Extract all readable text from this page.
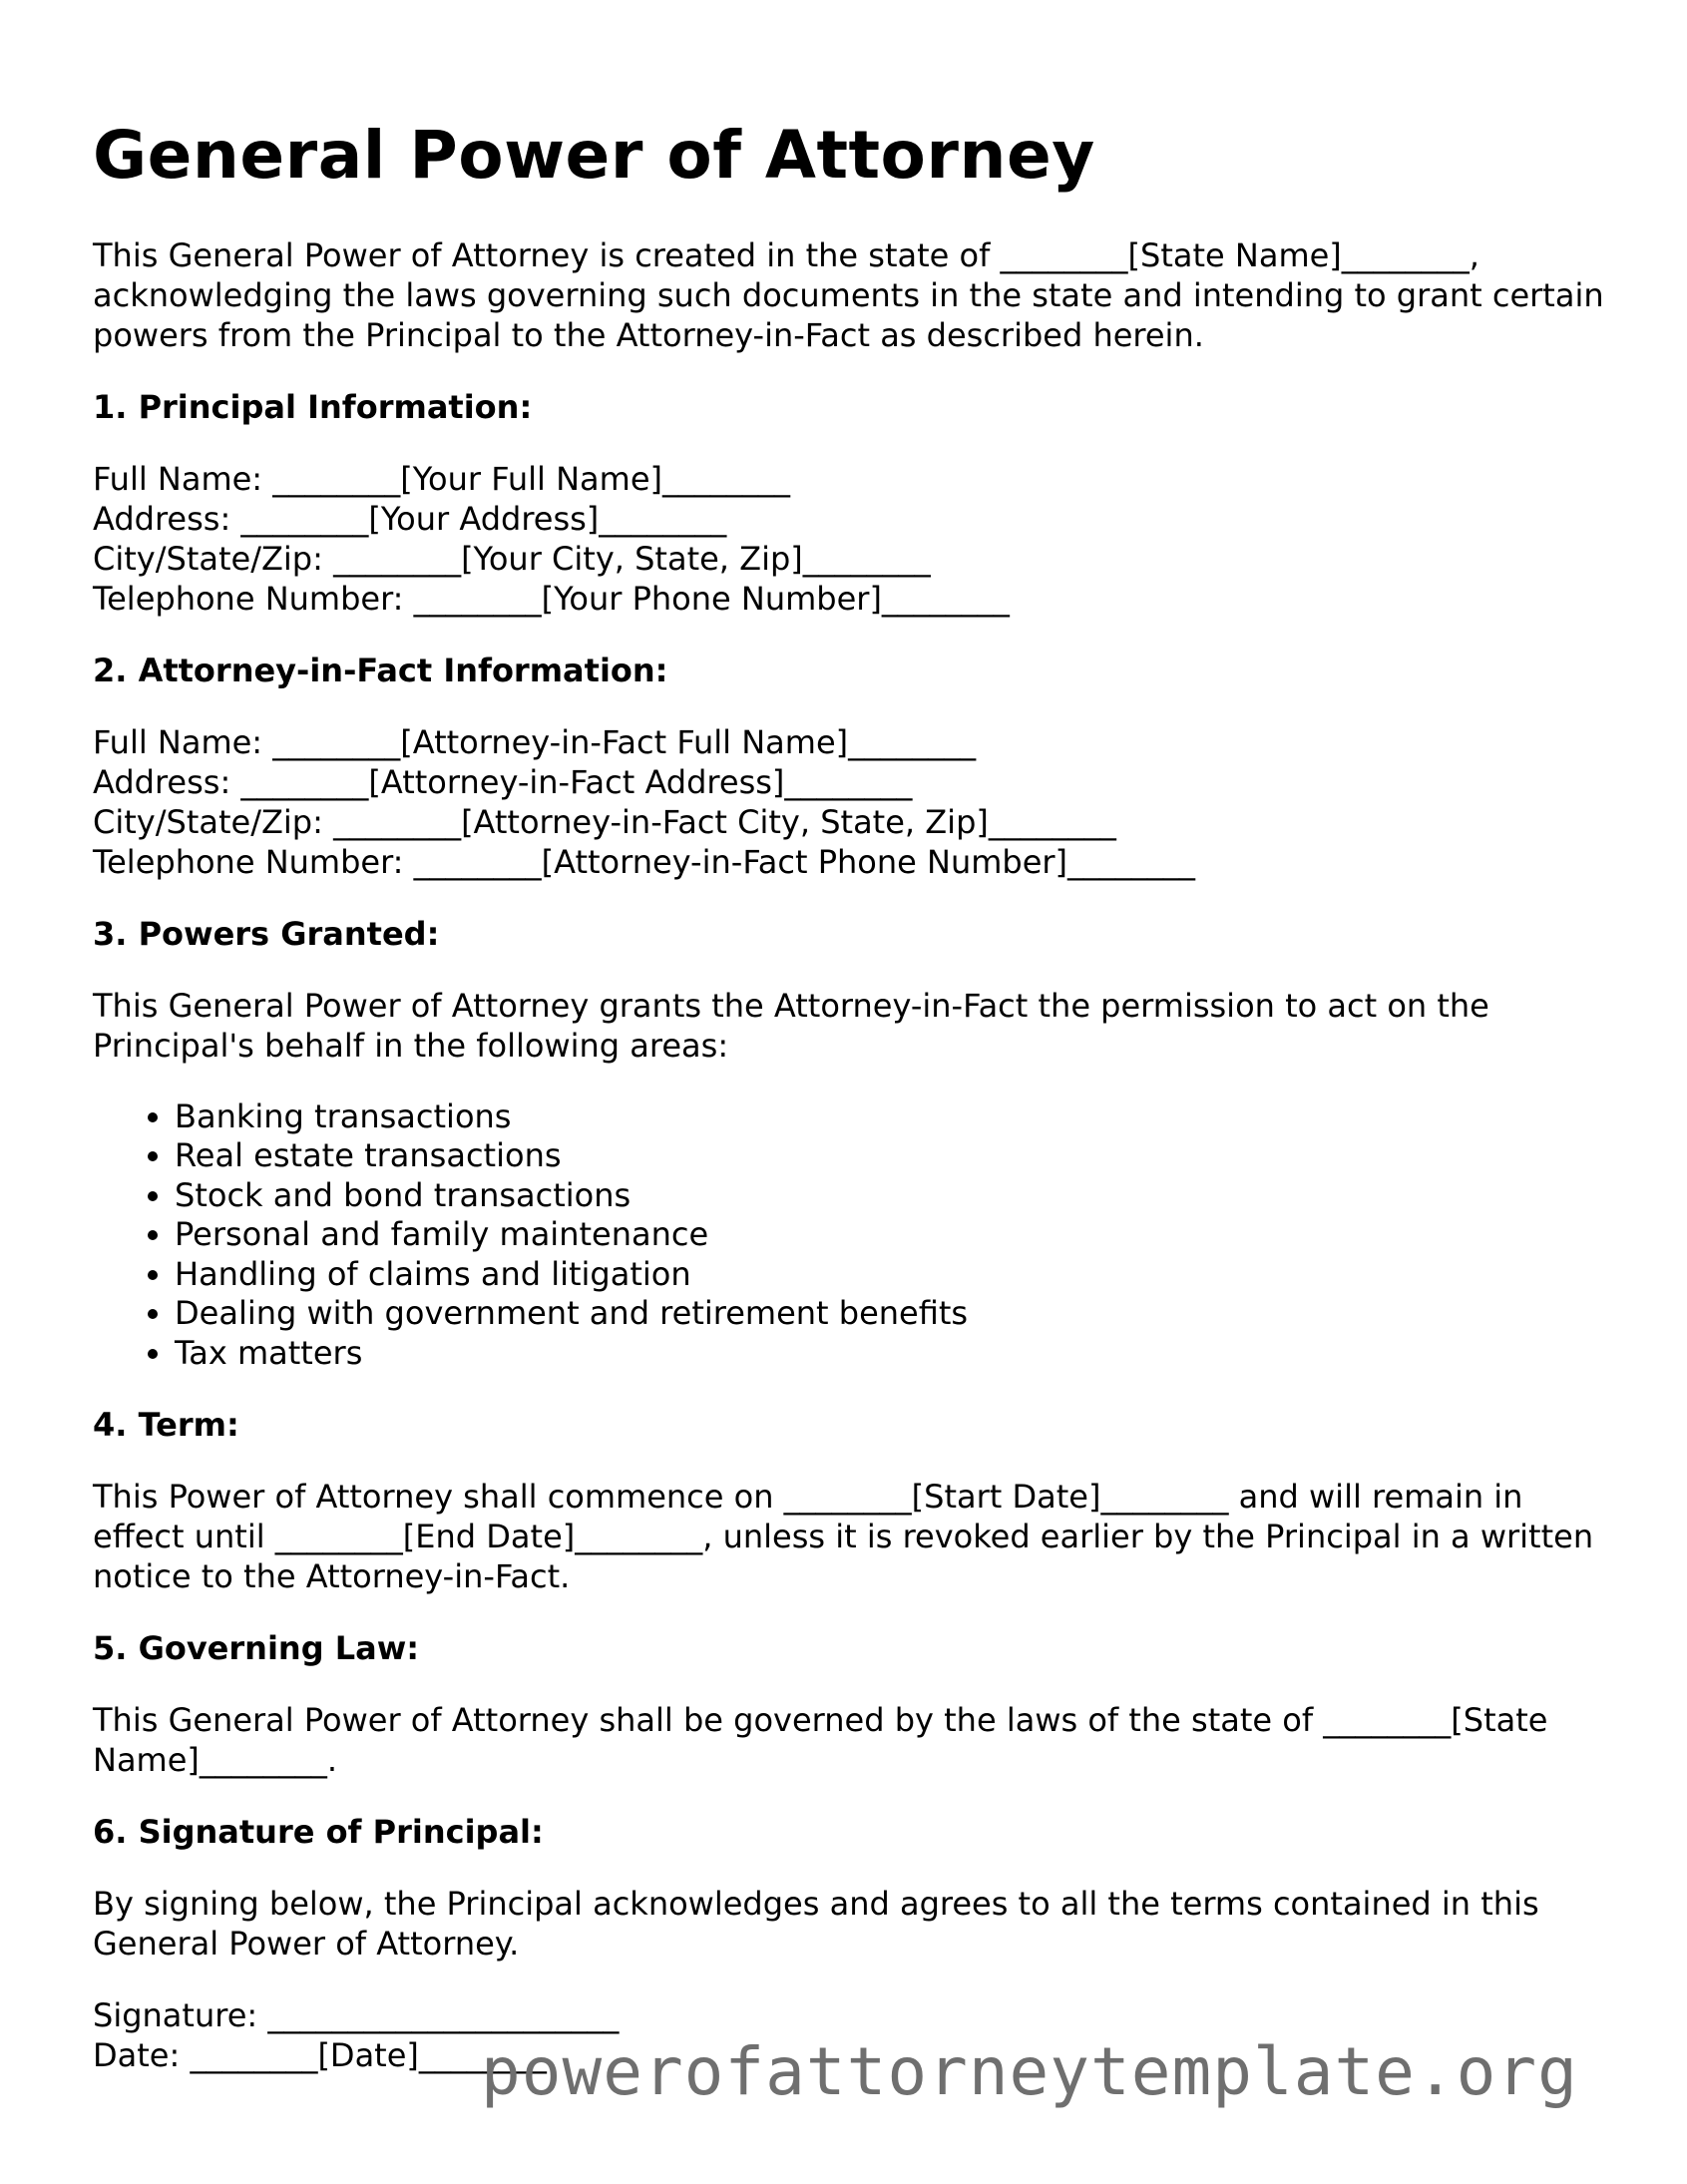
General Power of Attorney

This General Power of Attorney is created in the state of ________[State Name]________, acknowledging the laws governing such documents in the state and intending to grant certain powers from the Principal to the Attorney-in-Fact as described herein.

1. Principal Information:
Full Name: ________[Your Full Name]________
Address: ________[Your Address]________
City/State/Zip: ________[Your City, State, Zip]________
Telephone Number: ________[Your Phone Number]________
2. Attorney-in-Fact Information:
Full Name: ________[Attorney-in-Fact Full Name]________
Address: ________[Attorney-in-Fact Address]________
City/State/Zip: ________[Attorney-in-Fact City, State, Zip]________
Telephone Number: ________[Attorney-in-Fact Phone Number]________
3. Powers Granted:

This General Power of Attorney grants the Attorney-in-Fact the permission to act on the Principal's behalf in the following areas:

• Banking transactions
• Real estate transactions
• Stock and bond transactions
• Personal and family maintenance
• Handling of claims and litigation
• Dealing with government and retirement benefits
• Tax matters
4. Term:

This Power of Attorney shall commence on ________[Start Date]________ and will remain in effect until ________[End Date]________, unless it is revoked earlier by the Principal in a written notice to the Attorney-in-Fact.

5. Governing Law:

This General Power of Attorney shall be governed by the laws of the state of ________[State Name]________.

6. Signature of Principal:

By signing below, the Principal acknowledges and agrees to all the terms contained in this General Power of Attorney.

Signature: ______________________
Date: ________[Date]________
powerofattorneytemplate.org
